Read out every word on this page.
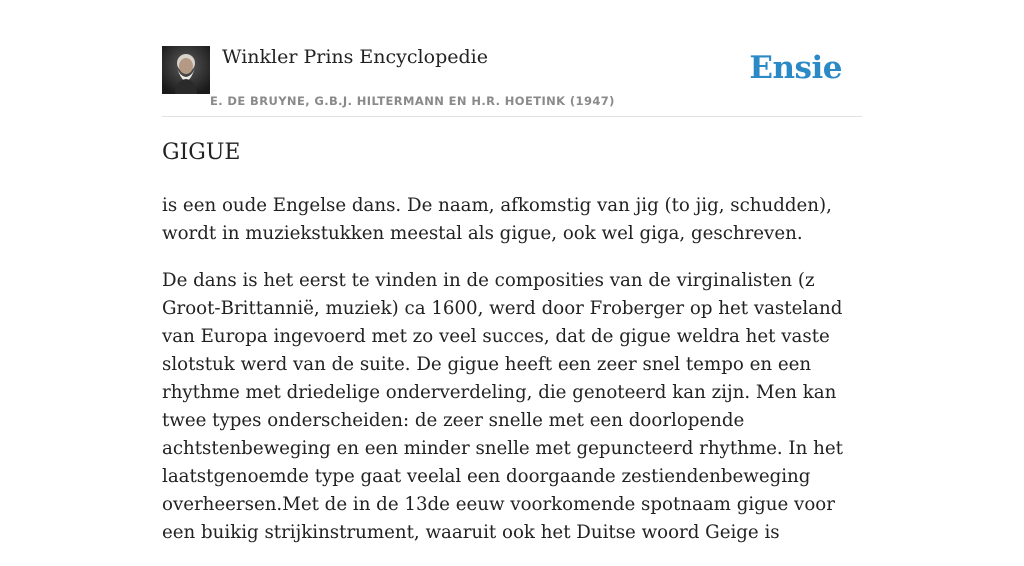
Winkler Prins Encyclopedie
E. DE BRUYNE, G.B.J. HILTERMANN EN H.R. HOETINK (1947)
Ensie
GIGUE

is een oude Engelse dans. De naam, afkomstig van jig (to jig, schudden), wordt in muziekstukken meestal als gigue, ook wel giga, geschreven.

De dans is het eerst te vinden in de composities van de virginalisten (z Groot-Brittannië, muziek) ca 1600, werd door Froberger op het vasteland van Europa ingevoerd met zo veel succes, dat de gigue weldra het vaste slotstuk werd van de suite. De gigue heeft een zeer snel tempo en een rhythme met driedelige onderverdeling, die genoteerd kan zijn. Men kan twee types onderscheiden: de zeer snelle met een doorlopende achtstenbeweging en een minder snelle met gepuncteerd rhythme. In het laatstgenoemde type gaat veelal een doorgaande zestiendenbeweging overheersen.Met de in de 13de eeuw voorkomende spotnaam gigue voor een buikig strijkinstrument, waaruit ook het Duitse woord Geige is
